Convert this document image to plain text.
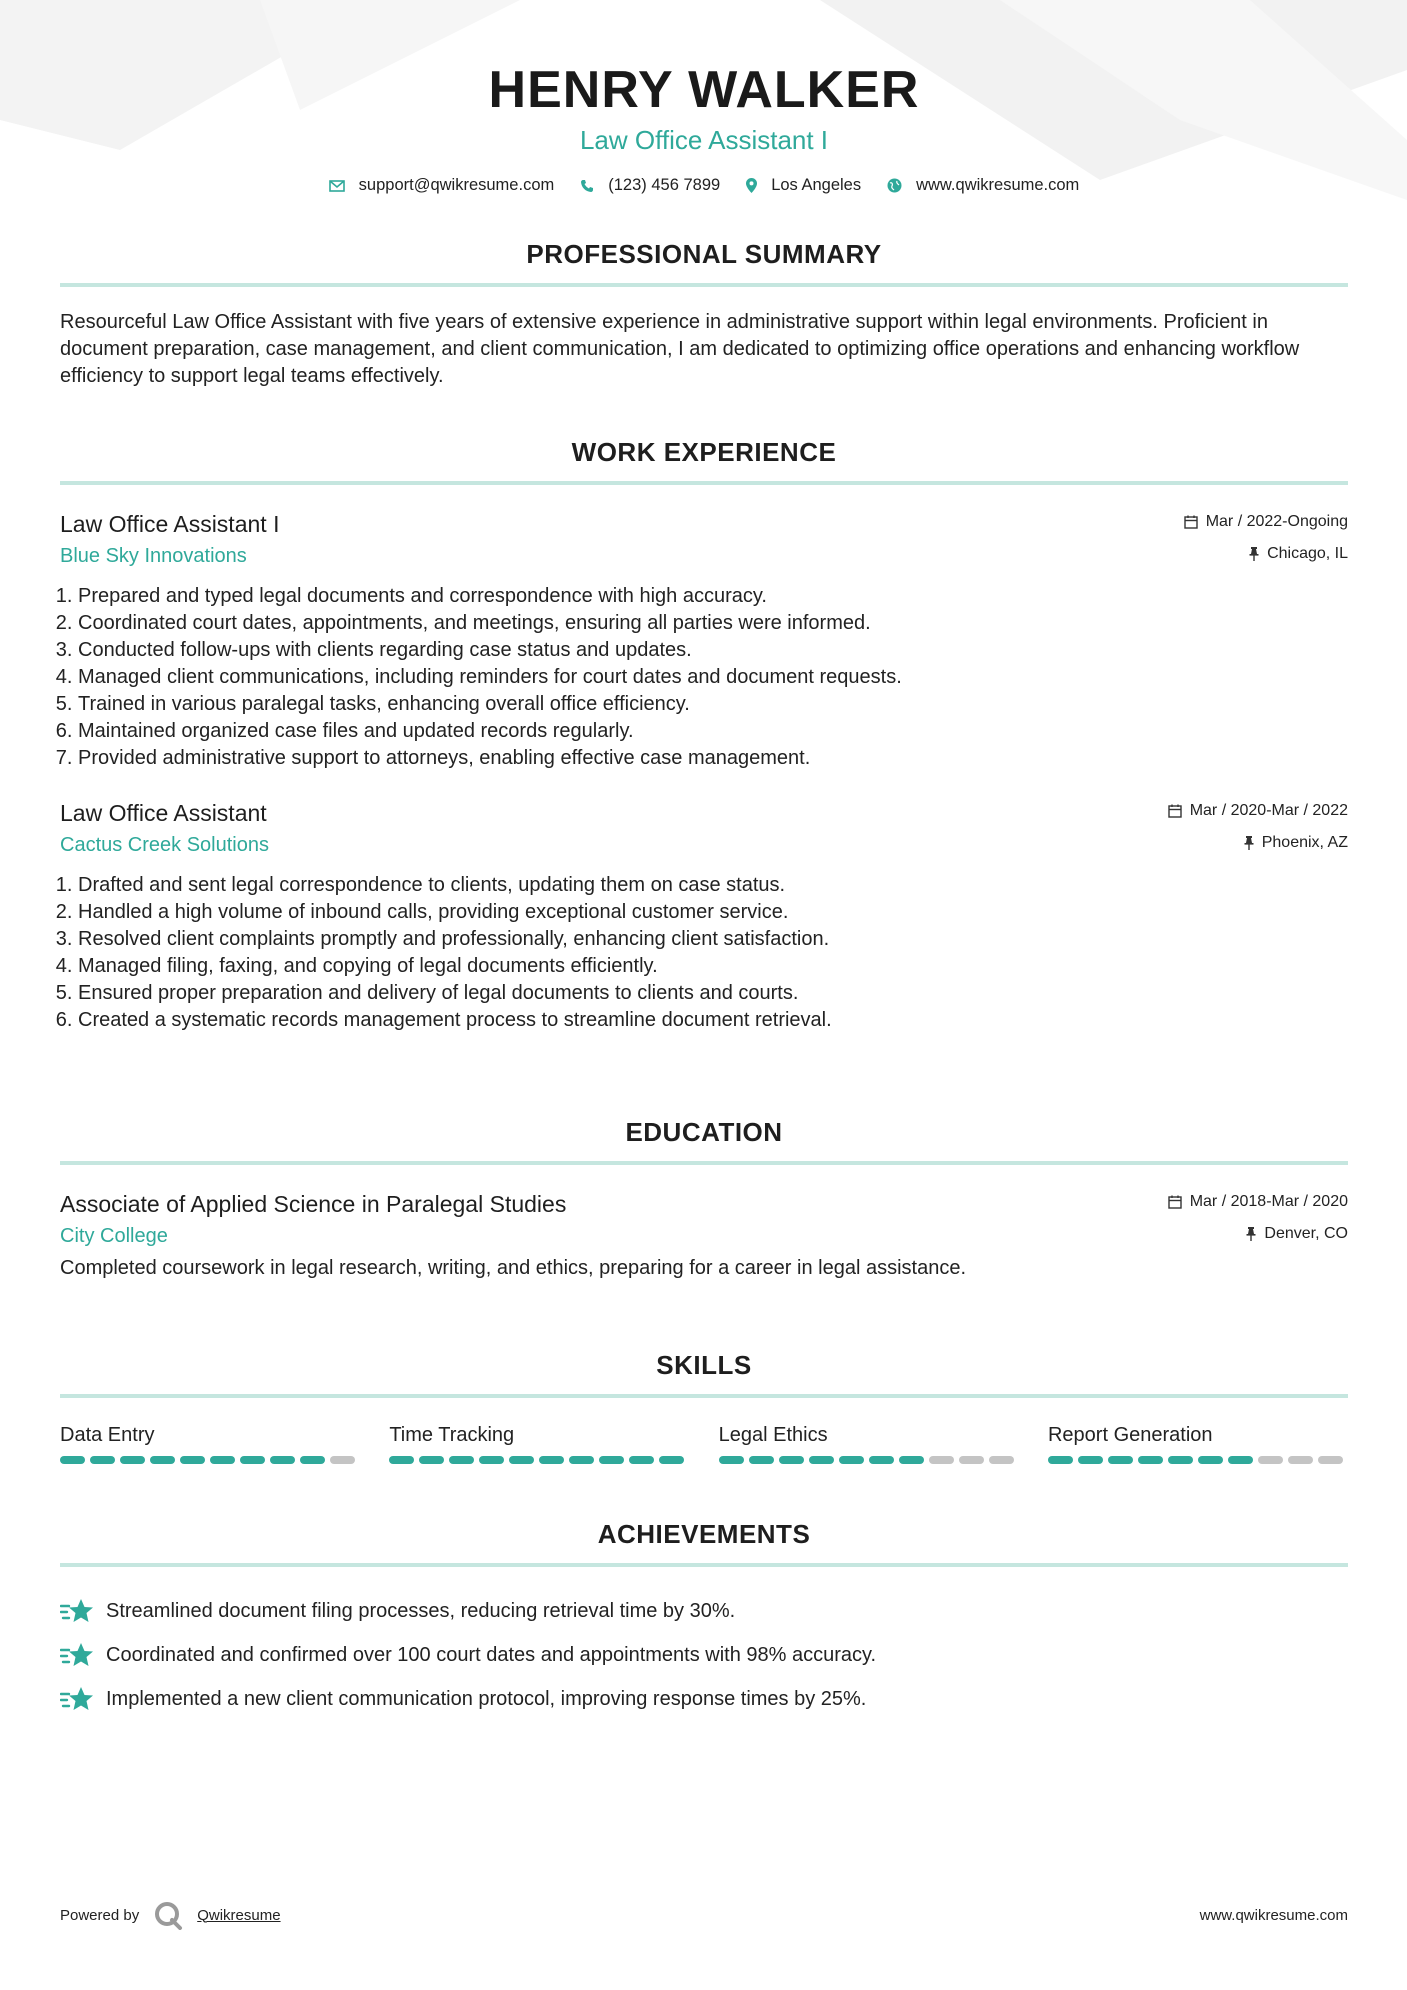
HENRY WALKER
Law Office Assistant I
support@qwikresume.com	(123) 456 7899	Los Angeles	www.qwikresume.com
PROFESSIONAL SUMMARY
Resourceful Law Office Assistant with five years of extensive experience in administrative support within legal environments. Proficient in document preparation, case management, and client communication, I am dedicated to optimizing office operations and enhancing workflow efficiency to support legal teams effectively.
WORK EXPERIENCE
Law Office Assistant I
Blue Sky Innovations
Mar / 2022-Ongoing
Chicago, IL
1. Prepared and typed legal documents and correspondence with high accuracy.
2. Coordinated court dates, appointments, and meetings, ensuring all parties were informed.
3. Conducted follow-ups with clients regarding case status and updates.
4. Managed client communications, including reminders for court dates and document requests.
5. Trained in various paralegal tasks, enhancing overall office efficiency.
6. Maintained organized case files and updated records regularly.
7. Provided administrative support to attorneys, enabling effective case management.
Law Office Assistant
Cactus Creek Solutions
Mar / 2020-Mar / 2022
Phoenix, AZ
1. Drafted and sent legal correspondence to clients, updating them on case status.
2. Handled a high volume of inbound calls, providing exceptional customer service.
3. Resolved client complaints promptly and professionally, enhancing client satisfaction.
4. Managed filing, faxing, and copying of legal documents efficiently.
5. Ensured proper preparation and delivery of legal documents to clients and courts.
6. Created a systematic records management process to streamline document retrieval.
EDUCATION
Associate of Applied Science in Paralegal Studies
City College
Mar / 2018-Mar / 2020
Denver, CO
Completed coursework in legal research, writing, and ethics, preparing for a career in legal assistance.
SKILLS
Data Entry	Time Tracking	Legal Ethics	Report Generation
ACHIEVEMENTS
Streamlined document filing processes, reducing retrieval time by 30%.
Coordinated and confirmed over 100 court dates and appointments with 98% accuracy.
Implemented a new client communication protocol, improving response times by 25%.
Powered by	Qwikresume	www.qwikresume.com
